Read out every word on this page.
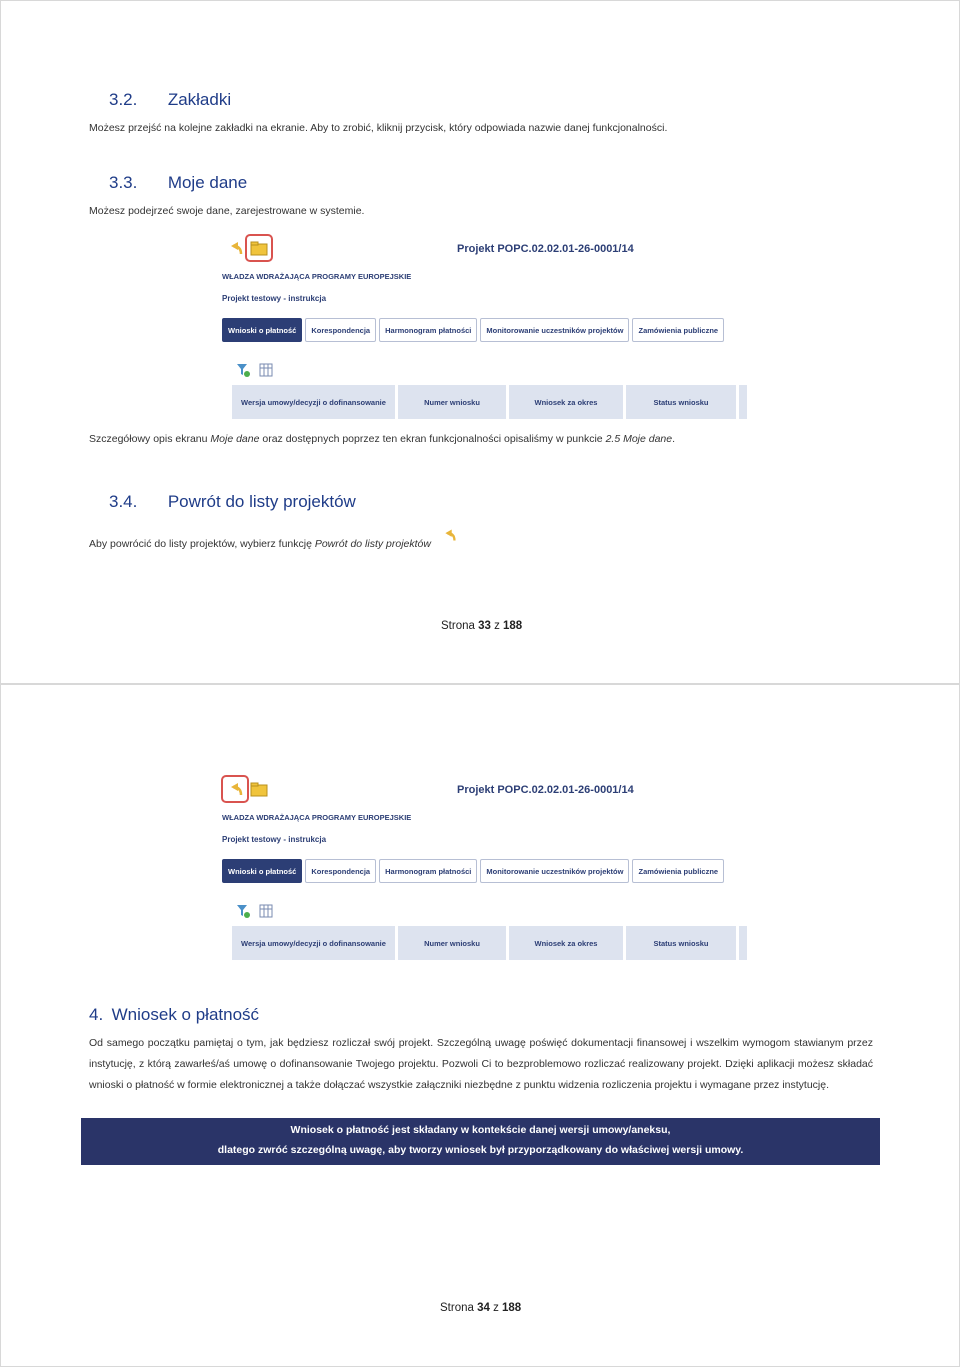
3.2. Zakładki
Możesz przejść na kolejne zakładki na ekranie. Aby to zrobić, kliknij przycisk, który odpowiada nazwie danej funkcjonalności.
3.3. Moje dane
Możesz podejrzeć swoje dane, zarejestrowane w systemie.
Projekt POPC.02.02.01-26-0001/14
WŁADZA WDRAŻAJĄCA PROGRAMY EUROPEJSKIE
Projekt testowy - instrukcja
Wnioski o płatność	Korespondencja	Harmonogram płatności	Monitorowanie uczestników projektów	Zamówienia publiczne
Wersja umowy/decyzji o dofinansowanie	Numer wniosku	Wniosek za okres	Status wniosku
Szczegółowy opis ekranu Moje dane oraz dostępnych poprzez ten ekran funkcjonalności opisaliśmy w punkcie 2.5 Moje dane.
3.4. Powrót do listy projektów
Aby powrócić do listy projektów, wybierz funkcję Powrót do listy projektów
Strona 33 z 188
Projekt POPC.02.02.01-26-0001/14
WŁADZA WDRAŻAJĄCA PROGRAMY EUROPEJSKIE
Projekt testowy - instrukcja
Wnioski o płatność	Korespondencja	Harmonogram płatności	Monitorowanie uczestników projektów	Zamówienia publiczne
Wersja umowy/decyzji o dofinansowanie	Numer wniosku	Wniosek za okres	Status wniosku
4. Wniosek o płatność
Od samego początku pamiętaj o tym, jak będziesz rozliczał swój projekt. Szczególną uwagę poświęć dokumentacji finansowej i wszelkim wymogom stawianym przez
instytucję, z którą zawarłeś/aś umowę o dofinansowanie Twojego projektu. Pozwoli Ci to bezproblemowo rozliczać realizowany projekt. Dzięki aplikacji możesz składać
wnioski o płatność w formie elektronicznej a także dołączać wszystkie załączniki niezbędne z punktu widzenia rozliczenia projektu i wymagane przez instytucję.
Wniosek o płatność jest składany w kontekście danej wersji umowy/aneksu,
dlatego zwróć szczególną uwagę, aby tworzy wniosek był przyporządkowany do właściwej wersji umowy.
Strona 34 z 188
